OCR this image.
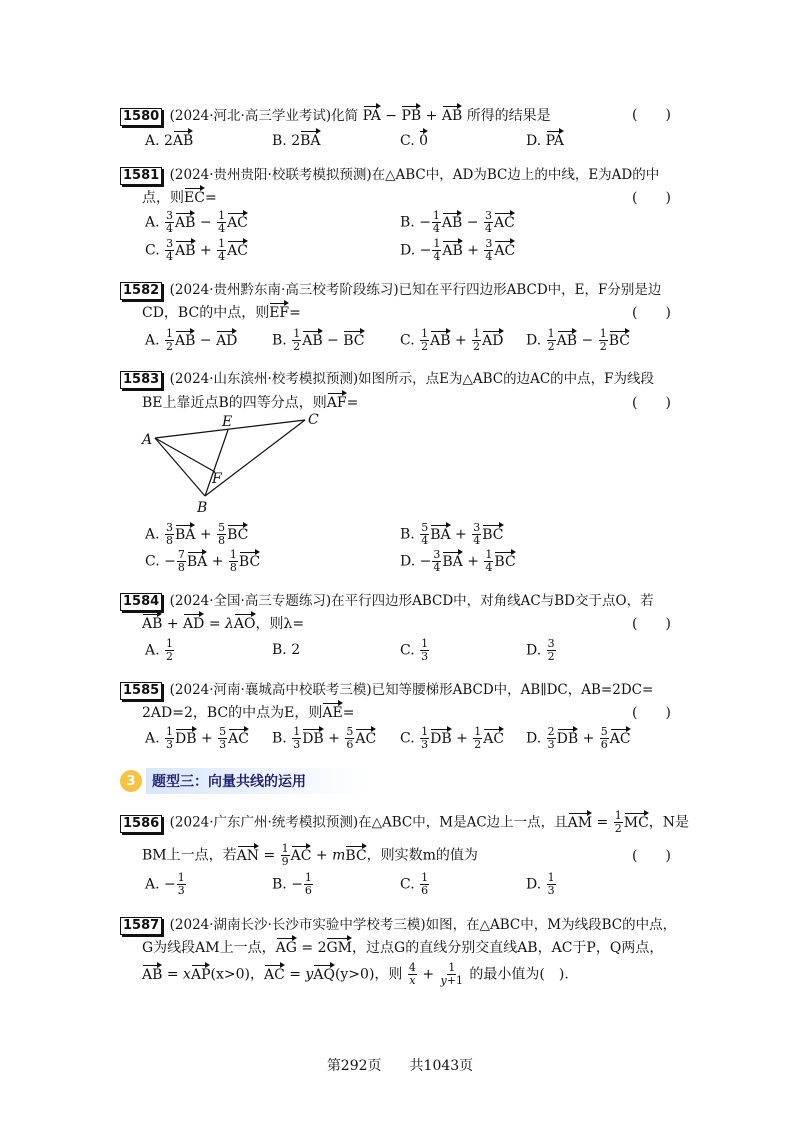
1580 (2024·河北·高三学业考试)化简 PA − PB + AB 所得的结果是	(　　)
A. 2AB	B. 2BA	C. 0	D. PA
1581 (2024·贵州贵阳·校联考模拟预测)在△ABC中，AD为BC边上的中线，E为AD的中
点，则EC=	(　　)
A. $\frac{3}{4}$ AB − $\frac{1}{4}$ AC	B. − $\frac{1}{4}$ AB − $\frac{3}{4}$ AC
C. $\frac{3}{4}$ AB + $\frac{1}{4}$ AC	D. − $\frac{1}{4}$ AB + $\frac{3}{4}$ AC
1582 (2024·贵州黔东南·高三校考阶段练习)已知在平行四边形ABCD中，E，F分别是边
CD，BC的中点，则EF=	(　　)
A. $\frac{1}{2}$ AB − AD B. $\frac{1}{2}$ AB − BC	C. $\frac{1}{2}$ AB + $\frac{1}{2}$ AD D. $\frac{1}{2}$ AB − $\frac{1}{2}$ BC
1583 (2024·山东滨州·校考模拟预测)如图所示，点E为△ABC的边AC的中点，F为线段
BE上靠近点B的四等分点，则AF=	(　　)
A
E	C
F
B
A. $\frac{3}{8}$ BA + $\frac{5}{8}$ BC	B. $\frac{5}{4}$ BA + $\frac{3}{4}$ BC
C. − $\frac{7}{8}$ BA + $\frac{1}{8}$ BC	D. − $\frac{3}{4}$ BA + $\frac{1}{4}$ BC
1584 (2024·全国·高三专题练习)在平行四边形ABCD中，对角线AC与BD交于点O，若
AB + AD = λAO，则λ=	(　　)
A. $\frac{1}{2}$	B. 2	C. $\frac{1}{3}$	D. $\frac{3}{2}$
1585 (2024·河南·襄城高中校联考三模)已知等腰梯形ABCD中，AB∥DC，AB=2DC=
2AD=2，BC的中点为E，则AE=	(　　)
A. $\frac{1}{3}$ DB + $\frac{5}{3}$ AC B. $\frac{1}{3}$ DB + $\frac{5}{6}$ AC C. $\frac{1}{3}$ DB + $\frac{1}{2}$ AC D. $\frac{2}{3}$ DB + $\frac{5}{6}$ AC
3	题型三：向量共线的运用
1586 (2024·广东广州·统考模拟预测)在△ABC中，M是AC边上一点，且AM = $\frac{1}{2}$ MC，N是
BM上一点，若AN = $\frac{1}{9}$ AC + mBC，则实数m的值为	(　　)
A. − $\frac{1}{3}$	B. − $\frac{1}{6}$	C. $\frac{1}{6}$	D. $\frac{1}{3}$
1587 (2024·湖南长沙·长沙市实验中学校考三模)如图，在△ABC中，M为线段BC的中点，
G为线段AM上一点，AG = 2GM，过点G的直线分别交直线AB，AC于P，Q两点，
AB = xAP(x>0)，AC = yAQ(y>0)，则 $\frac{4}{x} + \frac{1}{y+1}$ 的最小值为(　).
第292页　　共1043页
